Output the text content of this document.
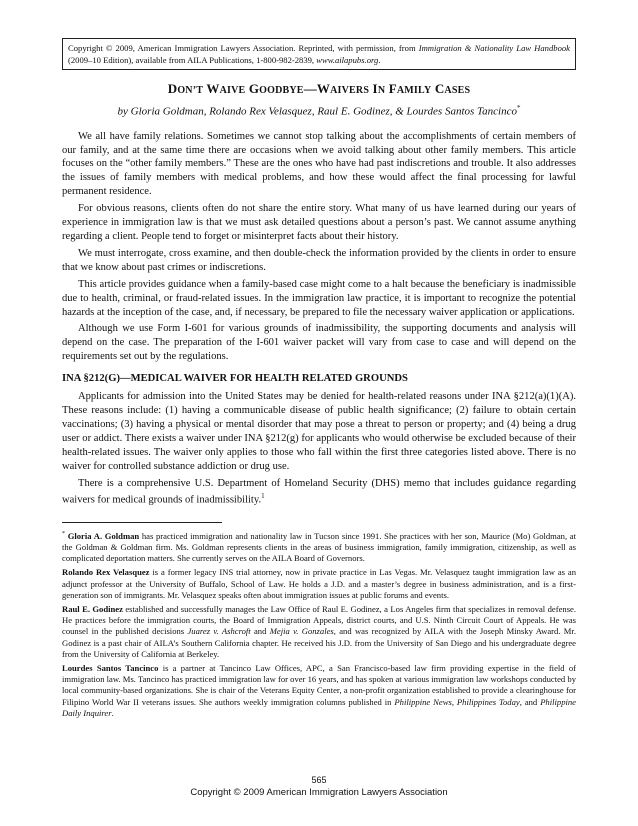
Copyright © 2009, American Immigration Lawyers Association. Reprinted, with permission, from Immigration & Nationality Law Handbook (2009–10 Edition), available from AILA Publications, 1-800-982-2839, www.ailapubs.org.
DON’T WAIVE GOODBYE—WAIVERS IN FAMILY CASES
by Gloria Goldman, Rolando Rex Velasquez, Raul E. Godinez, & Lourdes Santos Tancinco*

We all have family relations. Sometimes we cannot stop talking about the accomplishments of certain members of our family, and at the same time there are occasions when we avoid talking about other family members. This article focuses on the “other family members.” These are the ones who have had past indiscretions and trouble. It also addresses the issues of family members with medical problems, and how these would affect the final processing for lawful permanent residence.

For obvious reasons, clients often do not share the entire story. What many of us have learned during our years of experience in immigration law is that we must ask detailed questions about a person’s past. We cannot assume anything regarding a client. People tend to forget or misinterpret facts about their history.

We must interrogate, cross examine, and then double-check the information provided by the clients in order to ensure that we know about past crimes or indiscretions.

This article provides guidance when a family-based case might come to a halt because the beneficiary is inadmissible due to health, criminal, or fraud-related issues. In the immigration law practice, it is important to recognize the potential hazards at the inception of the case, and, if necessary, be prepared to file the necessary waiver application or applications.

Although we use Form I-601 for various grounds of inadmissibility, the supporting documents and analysis will depend on the case. The preparation of the I-601 waiver packet will vary from case to case and will depend on the requirements set out by the regulations.

INA §212(G)—MEDICAL WAIVER FOR HEALTH RELATED GROUNDS

Applicants for admission into the United States may be denied for health-related reasons under INA §212(a)(1)(A). These reasons include: (1) having a communicable disease of public health significance; (2) failure to obtain certain vaccinations; (3) having a physical or mental disorder that may pose a threat to person or property; and (4) being a drug user or addict. There exists a waiver under INA §212(g) for applicants who would otherwise be excluded because of their health-related issues. The waiver only applies to those who fall within the first three categories listed above. There is no waiver for controlled substance addiction or drug use.

There is a comprehensive U.S. Department of Homeland Security (DHS) memo that includes guidance regarding waivers for medical grounds of inadmissibility.$^1$

* Gloria A. Goldman has practiced immigration and nationality law in Tucson since 1991. She practices with her son, Maurice (Mo) Goldman, at the Goldman & Goldman firm. Ms. Goldman represents clients in the areas of business immigration, family immigration, citizenship, as well as complicated deportation matters. She currently serves on the AILA Board of Governors.

Rolando Rex Velasquez is a former legacy INS trial attorney, now in private practice in Las Vegas. Mr. Velasquez taught immigration law as an adjunct professor at the University of Buffalo, School of Law. He holds a J.D. and a master’s degree in business administration, and is a first-generation son of immigrants. Mr. Velasquez speaks often about immigration issues at public forums and events.

Raul E. Godinez established and successfully manages the Law Office of Raul E. Godinez, a Los Angeles firm that specializes in removal defense. He practices before the immigration courts, the Board of Immigration Appeals, district courts, and U.S. Ninth Circuit Court of Appeals. He was counsel in the published decisions Juarez v. Ashcroft and Mejia v. Gonzales, and was recognized by AILA with the Joseph Minsky Award. Mr. Godinez is a past chair of AILA’s Southern California chapter. He received his J.D. from the University of San Diego and his undergraduate degree from the University of California at Berkeley.

Lourdes Santos Tancinco is a partner at Tancinco Law Offices, APC, a San Francisco-based law firm providing expertise in the field of immigration law. Ms. Tancinco has practiced immigration law for over 16 years, and has spoken at various immigration law workshops conducted by local community-based organizations. She is chair of the Veterans Equity Center, a non-profit organization established to provide a clearinghouse for Filipino World War II veterans issues. She authors weekly immigration columns published in Philippine News, Philippines Today, and Philippine Daily Inquirer.

565
Copyright © 2009 American Immigration Lawyers Association
